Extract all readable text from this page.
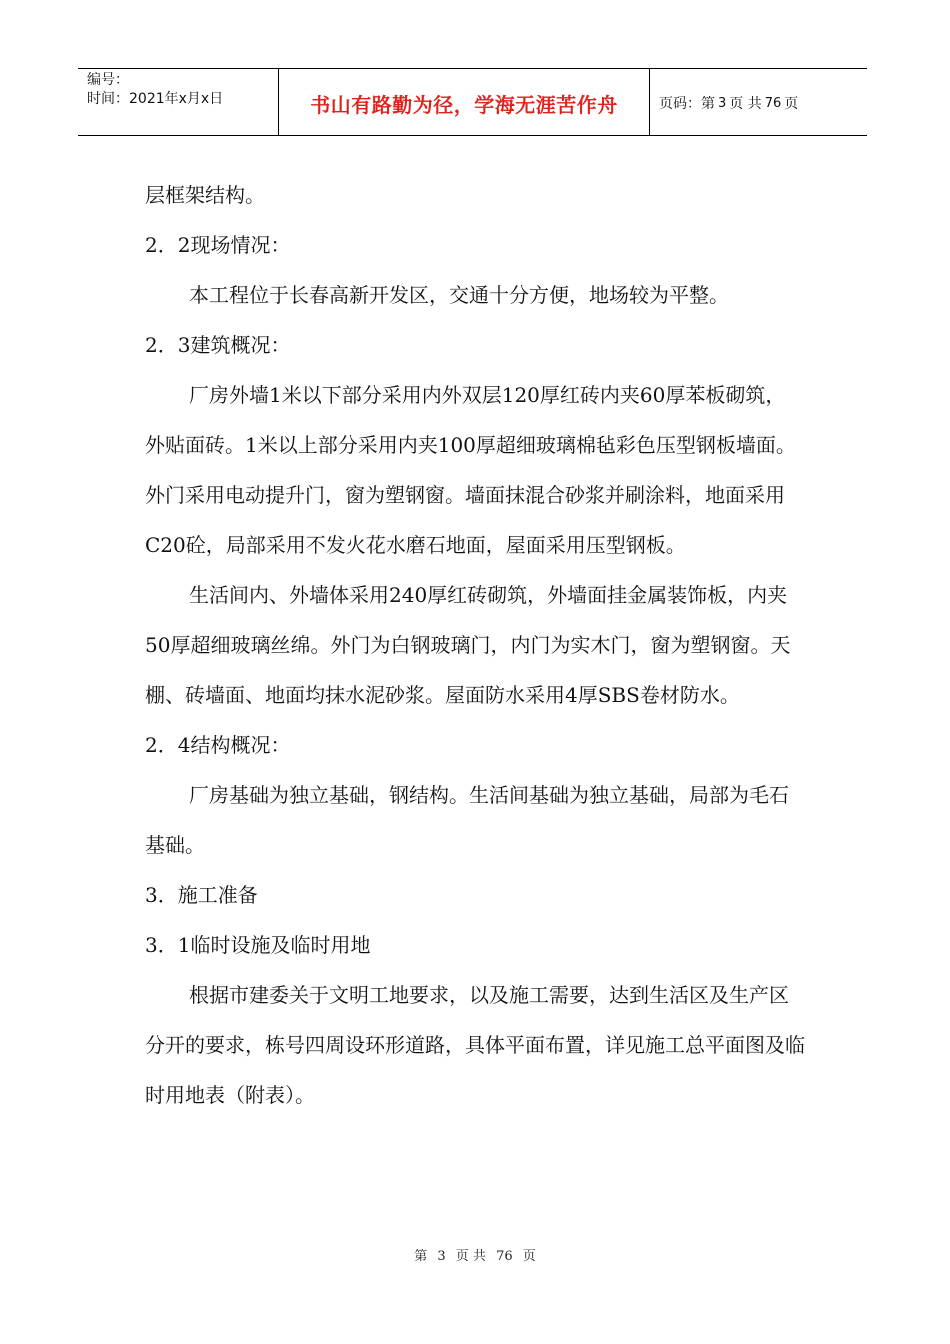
编号：
时间：2021年x月x日	书山有路勤为径，学海无涯苦作舟	页码：第 3 页 共 76 页

层框架结构。

2．2现场情况：

本工程位于长春高新开发区，交通十分方便，地场较为平整。

2．3建筑概况：

厂房外墙1米以下部分采用内外双层120厚红砖内夹60厚苯板砌筑，外贴面砖。1米以上部分采用内夹100厚超细玻璃棉毡彩色压型钢板墙面。外门采用电动提升门，窗为塑钢窗。墙面抹混合砂浆并刷涂料，地面采用C20砼，局部采用不发火花水磨石地面，屋面采用压型钢板。

生活间内、外墙体采用240厚红砖砌筑，外墙面挂金属装饰板，内夹50厚超细玻璃丝绵。外门为白钢玻璃门，内门为实木门，窗为塑钢窗。天棚、砖墙面、地面均抹水泥砂浆。屋面防水采用4厚SBS卷材防水。

2．4结构概况：

厂房基础为独立基础，钢结构。生活间基础为独立基础，局部为毛石基础。

3．施工准备

3．1临时设施及临时用地

根据市建委关于文明工地要求，以及施工需要，达到生活区及生产区分开的要求，栋号四周设环形道路，具体平面布置，详见施工总平面图及临时用地表（附表）。

第 3 页 共 76 页
